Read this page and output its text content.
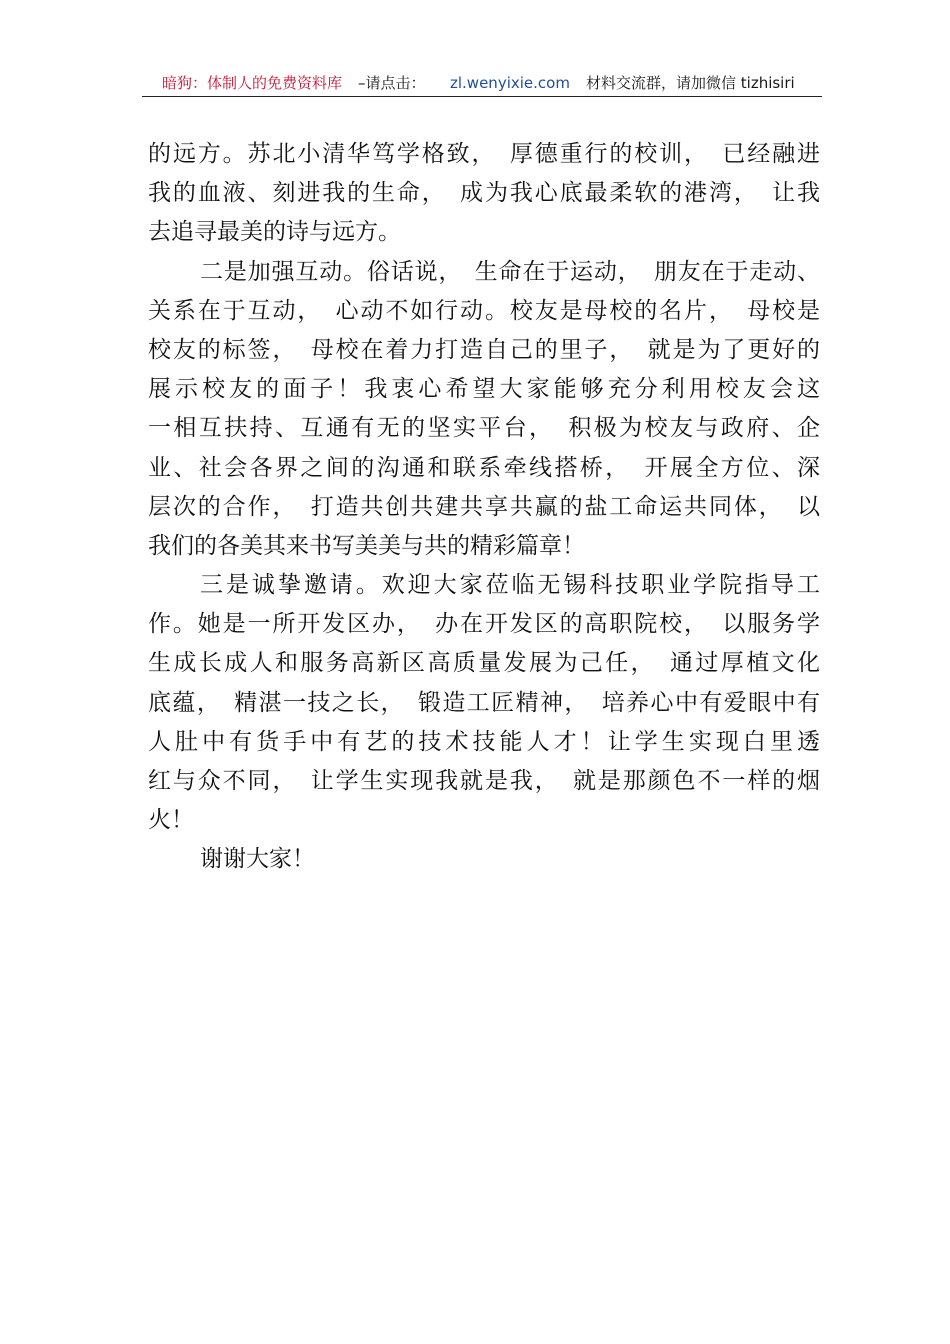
暗狗：体制人的免费资料库 –请点击： zl.wenyixie.com 材料交流群，请加微信 tizhisiri
的远方。苏北小清华笃学格致，　厚德重行的校训，　已经融进
我的血液、刻进我的生命，　成为我心底最柔软的港湾，　让我
去追寻最美的诗与远方。
二是加强互动。俗话说，　生命在于运动，　朋友在于走动、
关系在于互动，　心动不如行动。校友是母校的名片，　母校是
校友的标签，　母校在着力打造自己的里子，　就是为了更好的
展示校友的面子！我衷心希望大家能够充分利用校友会这
一相互扶持、互通有无的坚实平台，　积极为校友与政府、企
业、社会各界之间的沟通和联系牵线搭桥，　开展全方位、深
层次的合作，　打造共创共建共享共赢的盐工命运共同体，　以
我们的各美其来书写美美与共的精彩篇章！
三是诚挚邀请。欢迎大家莅临无锡科技职业学院指导工
作。她是一所开发区办，　办在开发区的高职院校，　以服务学
生成长成人和服务高新区高质量发展为己任，　通过厚植文化
底蕴，　精湛一技之长，　锻造工匠精神，　培养心中有爱眼中有
人肚中有货手中有艺的技术技能人才！让学生实现白里透
红与众不同，　让学生实现我就是我，　就是那颜色不一样的烟
火！
谢谢大家！
